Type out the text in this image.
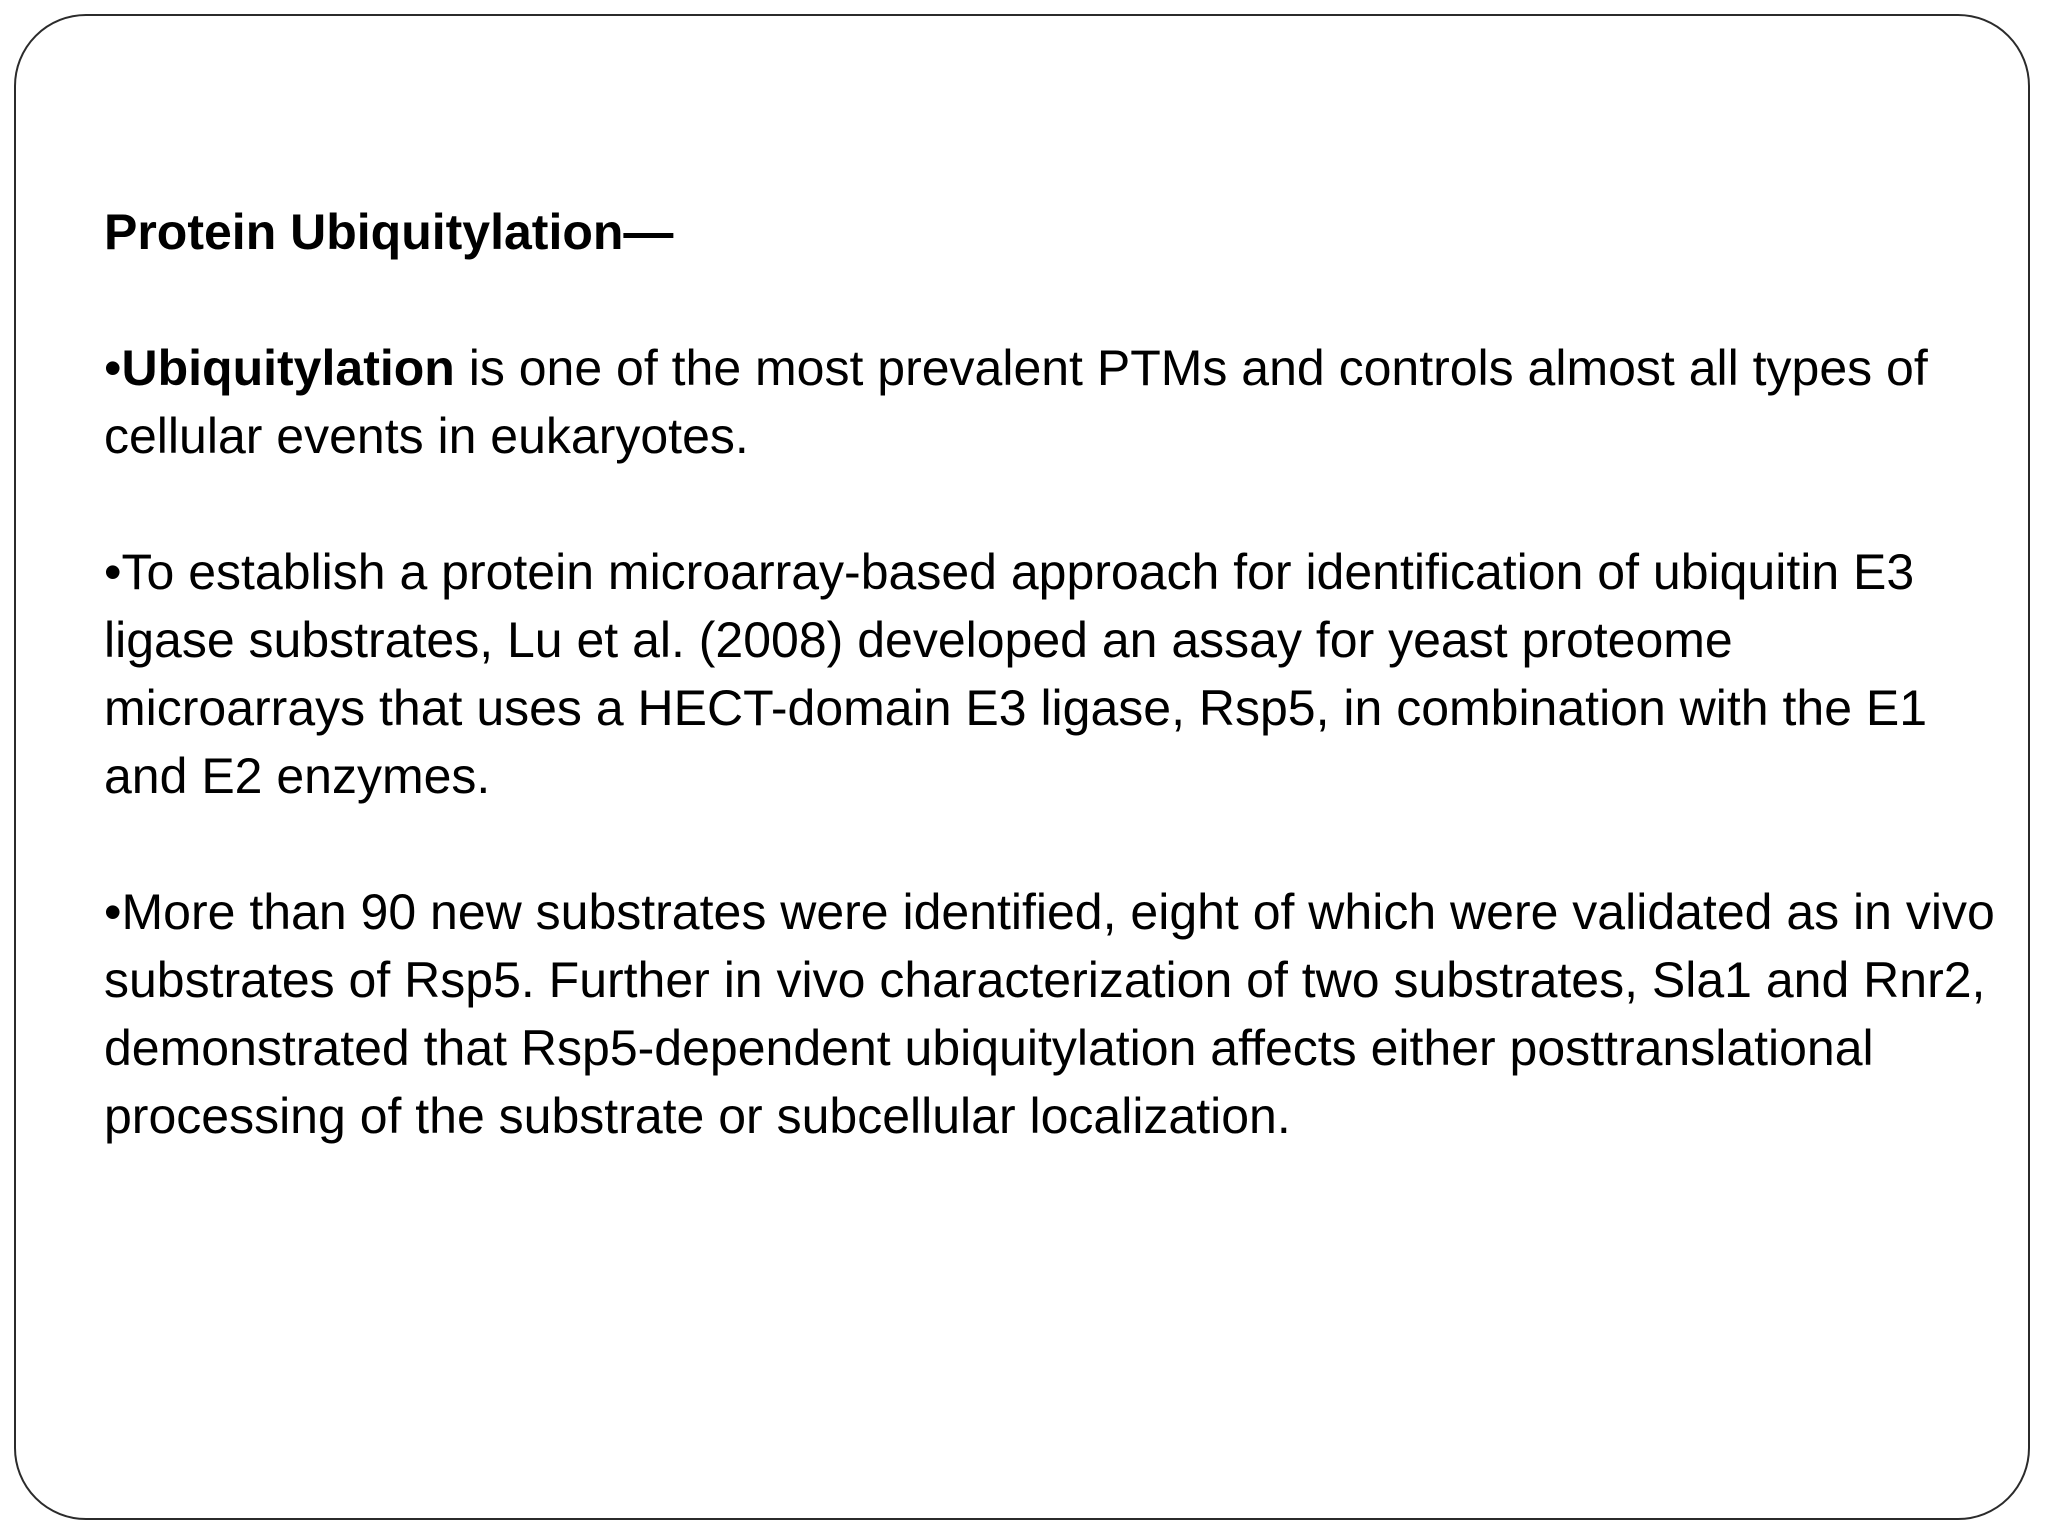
Protein Ubiquitylation—
•Ubiquitylation is one of the most prevalent PTMs and controls almost all types of cellular events in eukaryotes.
•To establish a protein microarray-based approach for identification of ubiquitin E3 ligase substrates, Lu et al. (2008) developed an assay for yeast proteome microarrays that uses a HECT-domain E3 ligase, Rsp5, in combination with the E1 and E2 enzymes.
•More than 90 new substrates were identified, eight of which were validated as in vivo substrates of Rsp5. Further in vivo characterization of two substrates, Sla1 and Rnr2, demonstrated that Rsp5-dependent ubiquitylation affects either posttranslational processing of the substrate or subcellular localization.
